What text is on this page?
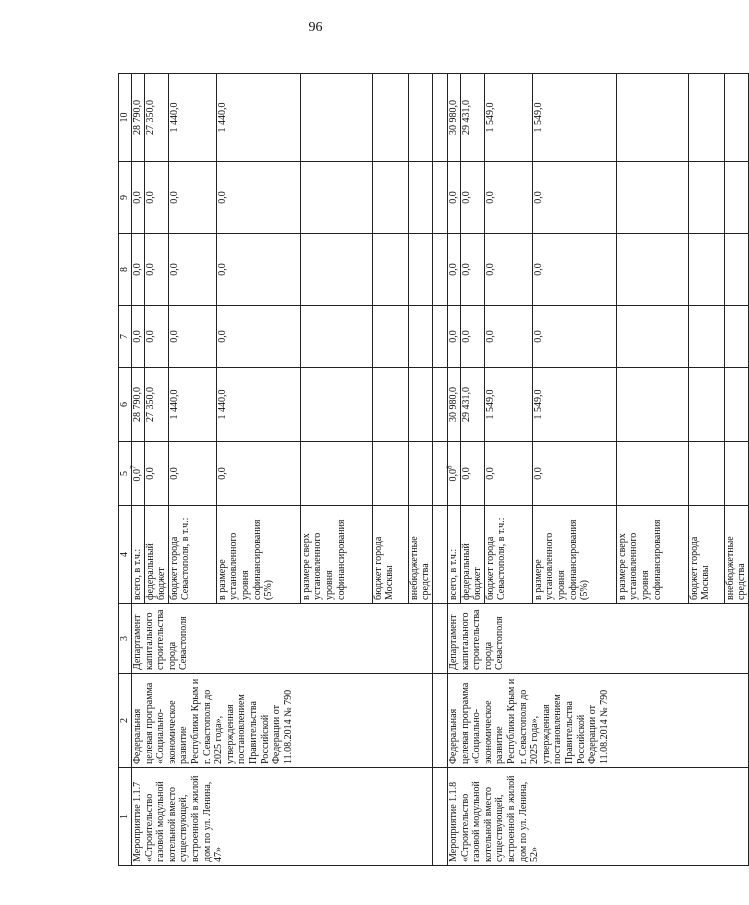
96
1	2	3	4	5	6	7	8	9	10
Мероприятие 1.1.7 «Строительство газовой модульной котельной вместо существующей, встроенной в жилой дом по ул. Ленина, 47»	Федеральная целевая программа «Социально-экономическое развитие Республики Крым и г. Севастополя до 2025 года», утвержденная постановлением Правительства Российской Федерации от 11.08.2014 № 790	Департамент капитального строительства города Севастополя	всего, в т.ч.:	$0,0^7$	28 790,0	0,0	0,0	0,0	28 790,0
			федеральный бюджет	0,0	27 350,0	0,0	0,0	0,0	27 350,0
			бюджет города Севастополя, в т.ч.:	0,0	1 440,0	0,0	0,0	0,0	1 440,0
			в размере установленного уровня софинансирования (5%)	0,0	1 440,0	0,0	0,0	0,0	1 440,0
			в размере сверх установленного уровня софинансирования						
			бюджет города Москвы						
			внебюджетные средства						

Мероприятие 1.1.8 «Строительство газовой модульной котельной вместо существующей, встроенной в жилой дом по ул. Ленина, 52»	Федеральная целевая программа «Социально-экономическое развитие Республики Крым и г. Севастополя до 2025 года», утвержденная постановлением Правительства Российской Федерации от 11.08.2014 № 790	Департамент капитального строительства города Севастополя	всего, в т.ч.:	$0,0^8$	30 980,0	0,0	0,0	0,0	30 980,0
			федеральный бюджет	0,0	29 431,0	0,0	0,0	0,0	29 431,0
			бюджет города Севастополя, в т.ч.:	0,0	1 549,0	0,0	0,0	0,0	1 549,0
			в размере установленного уровня софинансирования (5%)	0,0	1 549,0	0,0	0,0	0,0	1 549,0
			в размере сверх установленного уровня софинансирования						
			бюджет города Москвы						
			внебюджетные средства						
